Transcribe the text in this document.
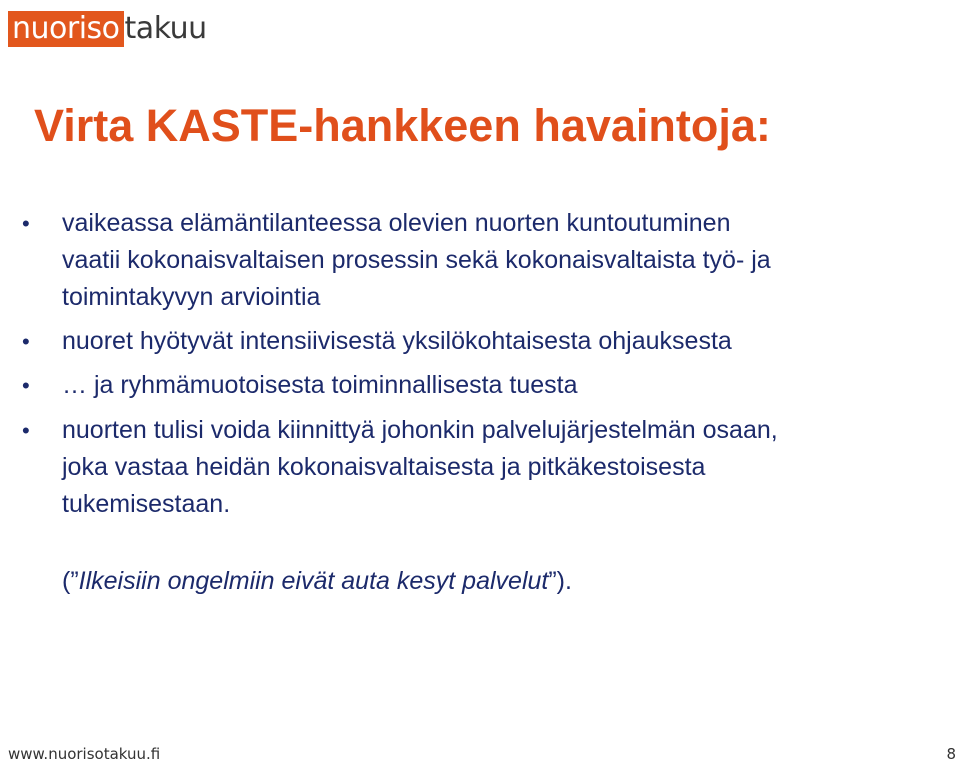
nuoriso takuu
Virta KASTE-hankkeen havaintoja:
• vaikeassa elämäntilanteessa olevien nuorten kuntoutuminen
vaatii kokonaisvaltaisen prosessin sekä kokonaisvaltaista työ- ja
toimintakyvyn arviointia
• nuoret hyötyvät intensiivisestä yksilökohtaisesta ohjauksesta
• … ja ryhmämuotoisesta toiminnallisesta tuesta
• nuorten tulisi voida kiinnittyä johonkin palvelujärjestelmän osaan,
joka vastaa heidän kokonaisvaltaisesta ja pitkäkestoisesta
tukemisestaan.
(”Ilkeisiin ongelmiin eivät auta kesyt palvelut”).
www.nuorisotakuu.fi	8
